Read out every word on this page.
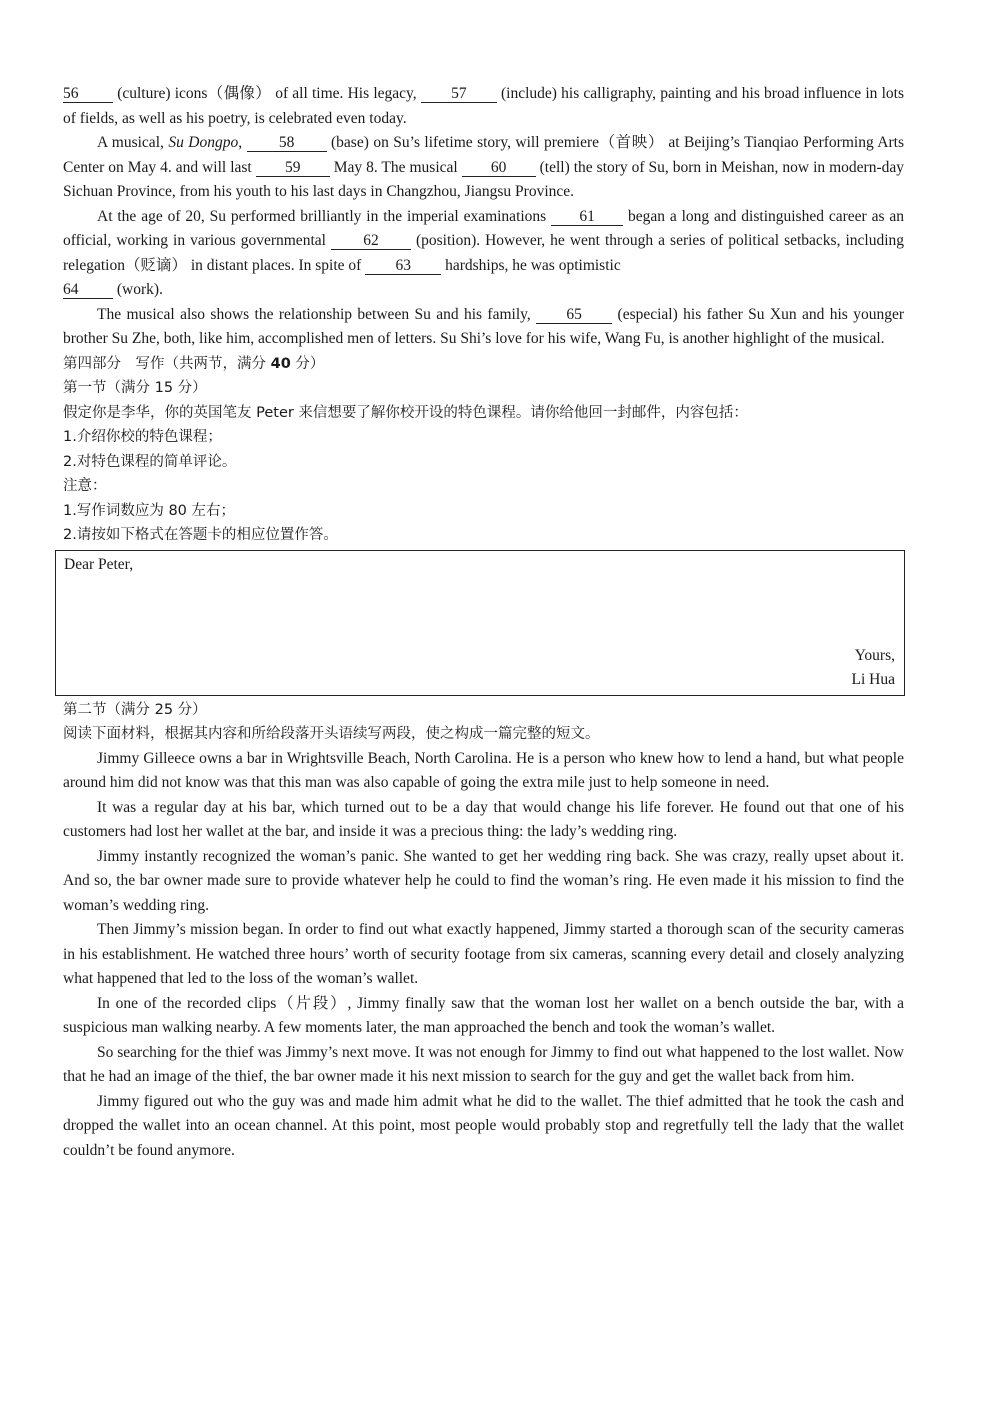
56 (culture) icons（偶像） of all time. His legacy, 57 (include) his calligraphy, painting and his broad influence in lots of fields, as well as his poetry, is celebrated even today.

A musical, Su Dongpo, 58 (base) on Su’s lifetime story, will premiere（首映） at Beijing’s Tianqiao Performing Arts Center on May 4. and will last 59 May 8. The musical 60 (tell) the story of Su, born in Meishan, now in modern-day Sichuan Province, from his youth to his last days in Changzhou, Jiangsu Province.

At the age of 20, Su performed brilliantly in the imperial examinations 61 began a long and distinguished career as an official, working in various governmental 62 (position). However, he went through a series of political setbacks, including relegation（贬谪） in distant places. In spite of 63 hardships, he was optimistic
64 (work).

The musical also shows the relationship between Su and his family, 65 (especial) his father Su Xun and his younger brother Su Zhe, both, like him, accomplished men of letters. Su Shi’s love for his wife, Wang Fu, is another highlight of the musical.

第四部分　写作（共两节，满分 40 分）

第一节（满分 15 分）

假定你是李华，你的英国笔友 Peter 来信想要了解你校开设的特色课程。请你给他回一封邮件，内容包括：

1.介绍你校的特色课程；

2.对特色课程的简单评论。

注意：

1.写作词数应为 80 左右；

2.请按如下格式在答题卡的相应位置作答。

Dear Peter,
Yours,
Li Hua

第二节（满分 25 分）

阅读下面材料，根据其内容和所给段落开头语续写两段，使之构成一篇完整的短文。

Jimmy Gilleece owns a bar in Wrightsville Beach, North Carolina. He is a person who knew how to lend a hand, but what people around him did not know was that this man was also capable of going the extra mile just to help someone in need.

It was a regular day at his bar, which turned out to be a day that would change his life forever. He found out that one of his customers had lost her wallet at the bar, and inside it was a precious thing: the lady’s wedding ring.

Jimmy instantly recognized the woman’s panic. She wanted to get her wedding ring back. She was crazy, really upset about it. And so, the bar owner made sure to provide whatever help he could to find the woman’s ring. He even made it his mission to find the woman’s wedding ring.

Then Jimmy’s mission began. In order to find out what exactly happened, Jimmy started a thorough scan of the security cameras in his establishment. He watched three hours’ worth of security footage from six cameras, scanning every detail and closely analyzing what happened that led to the loss of the woman’s wallet.

In one of the recorded clips（片段）, Jimmy finally saw that the woman lost her wallet on a bench outside the bar, with a suspicious man walking nearby. A few moments later, the man approached the bench and took the woman’s wallet.

So searching for the thief was Jimmy’s next move. It was not enough for Jimmy to find out what happened to the lost wallet. Now that he had an image of the thief, the bar owner made it his next mission to search for the guy and get the wallet back from him.

Jimmy figured out who the guy was and made him admit what he did to the wallet. The thief admitted that he took the cash and dropped the wallet into an ocean channel. At this point, most people would probably stop and regretfully tell the lady that the wallet couldn’t be found anymore.
